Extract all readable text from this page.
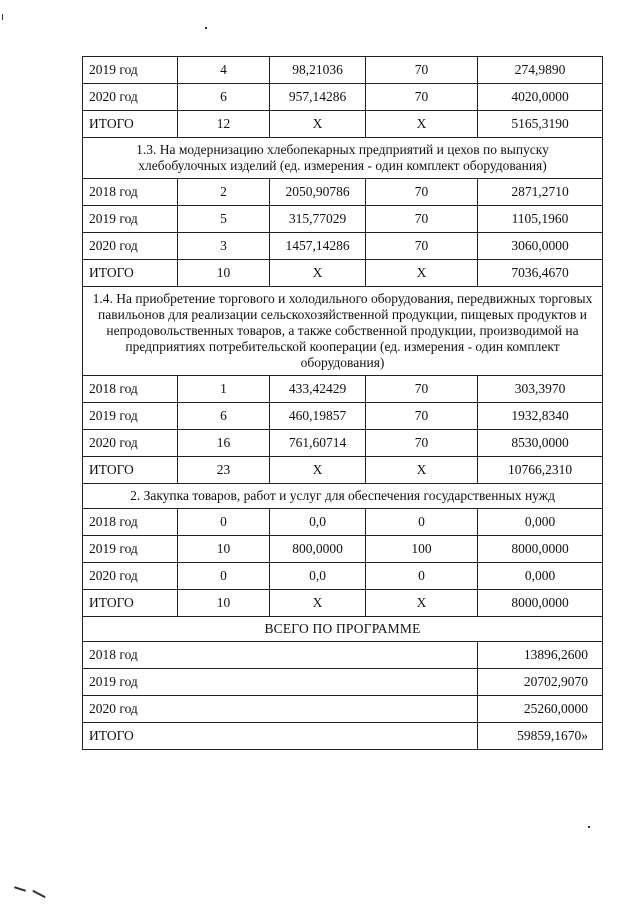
2019 год	4	98,21036	70	274,9890
2020 год	6	957,14286	70	4020,0000
ИТОГО	12	Х	Х	5165,3190
1.3. На модернизацию хлебопекарных предприятий и цехов по выпуску хлебобулочных изделий (ед. измерения - один комплект оборудования)				
2018 год	2	2050,90786	70	2871,2710
2019 год	5	315,77029	70	1105,1960
2020 год	3	1457,14286	70	3060,0000
ИТОГО	10	Х	Х	7036,4670
1.4. На приобретение торгового и холодильного оборудования, передвижных торговых павильонов для реализации сельскохозяйственной продукции, пищевых продуктов и непродовольственных товаров, а также собственной продукции, производимой на предприятиях потребительской кооперации (ед. измерения - один комплект оборудования)				
2018 год	1	433,42429	70	303,3970
2019 год	6	460,19857	70	1932,8340
2020 год	16	761,60714	70	8530,0000
ИТОГО	23	Х	Х	10766,2310
2. Закупка товаров, работ и услуг для обеспечения государственных нужд				
2018 год	0	0,0	0	0,000
2019 год	10	800,0000	100	8000,0000
2020 год	0	0,0	0	0,000
ИТОГО	10	Х	Х	8000,0000
ВСЕГО ПО ПРОГРАММЕ				
2018 год				13896,2600
2019 год				20702,9070
2020 год				25260,0000
ИТОГО				59859,1670»
